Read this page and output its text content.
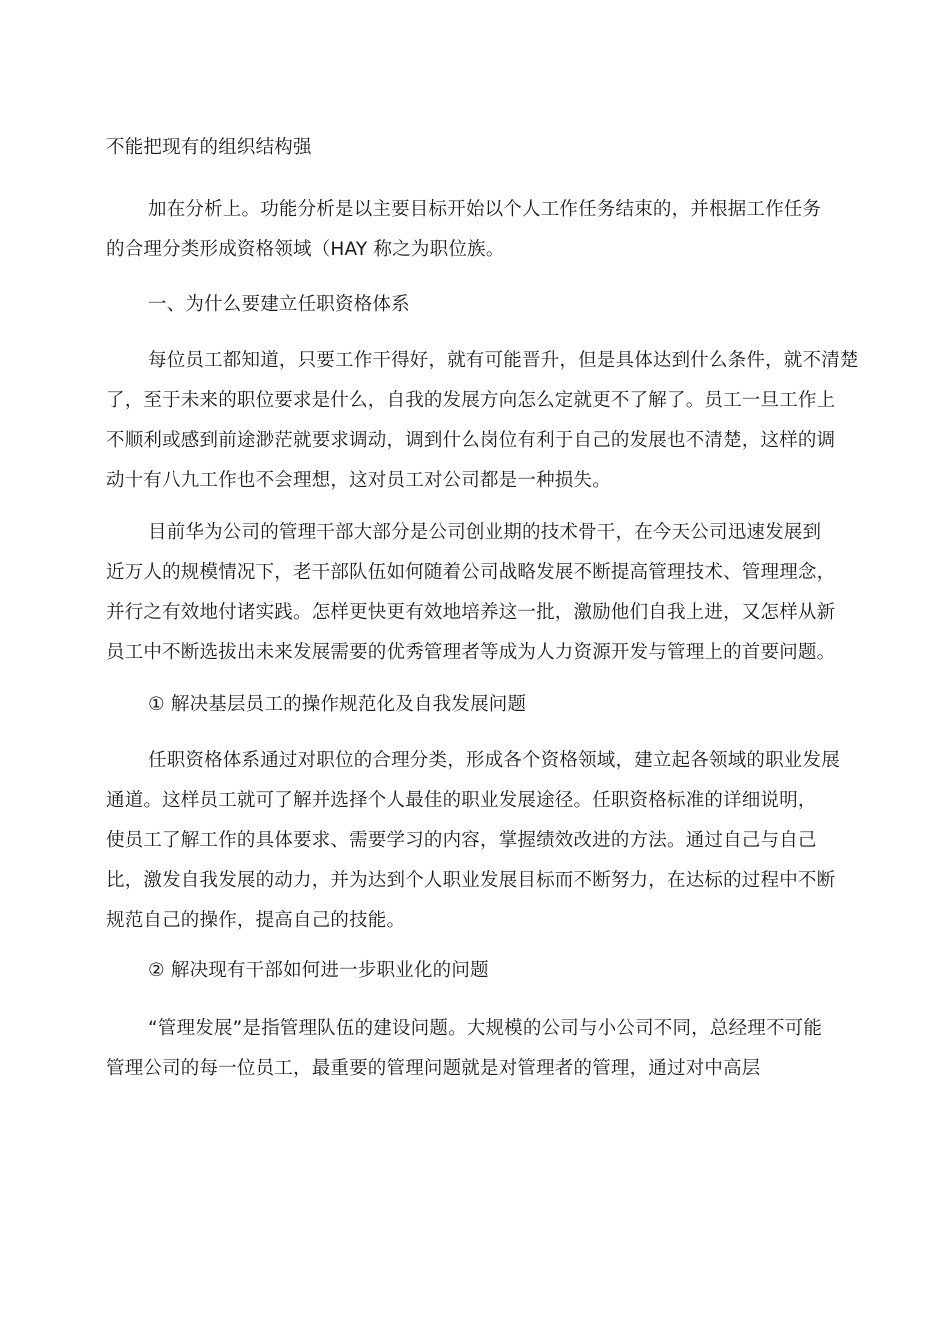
不能把现有的组织结构强
加在分析上。功能分析是以主要目标开始以个人工作任务结束的，并根据工作任务
的合理分类形成资格领域（HAY 称之为职位族。
一、为什么要建立任职资格体系
每位员工都知道，只要工作干得好，就有可能晋升，但是具体达到什么条件，就不清楚
了，至于未来的职位要求是什么，自我的发展方向怎么定就更不了解了。员工一旦工作上
不顺利或感到前途渺茫就要求调动，调到什么岗位有利于自己的发展也不清楚，这样的调
动十有八九工作也不会理想，这对员工对公司都是一种损失。
目前华为公司的管理干部大部分是公司创业期的技术骨干，在今天公司迅速发展到
近万人的规模情况下，老干部队伍如何随着公司战略发展不断提高管理技术、管理理念，
并行之有效地付诸实践。怎样更快更有效地培养这一批，激励他们自我上进，又怎样从新
员工中不断选拔出未来发展需要的优秀管理者等成为人力资源开发与管理上的首要问题。
① 解决基层员工的操作规范化及自我发展问题
任职资格体系通过对职位的合理分类，形成各个资格领域，建立起各领域的职业发展
通道。这样员工就可了解并选择个人最佳的职业发展途径。任职资格标准的详细说明，
使员工了解工作的具体要求、需要学习的内容，掌握绩效改进的方法。通过自己与自己
比，激发自我发展的动力，并为达到个人职业发展目标而不断努力，在达标的过程中不断
规范自己的操作，提高自己的技能。
② 解决现有干部如何进一步职业化的问题
“管理发展”是指管理队伍的建设问题。大规模的公司与小公司不同，总经理不可能
管理公司的每一位员工，最重要的管理问题就是对管理者的管理，通过对中高层
